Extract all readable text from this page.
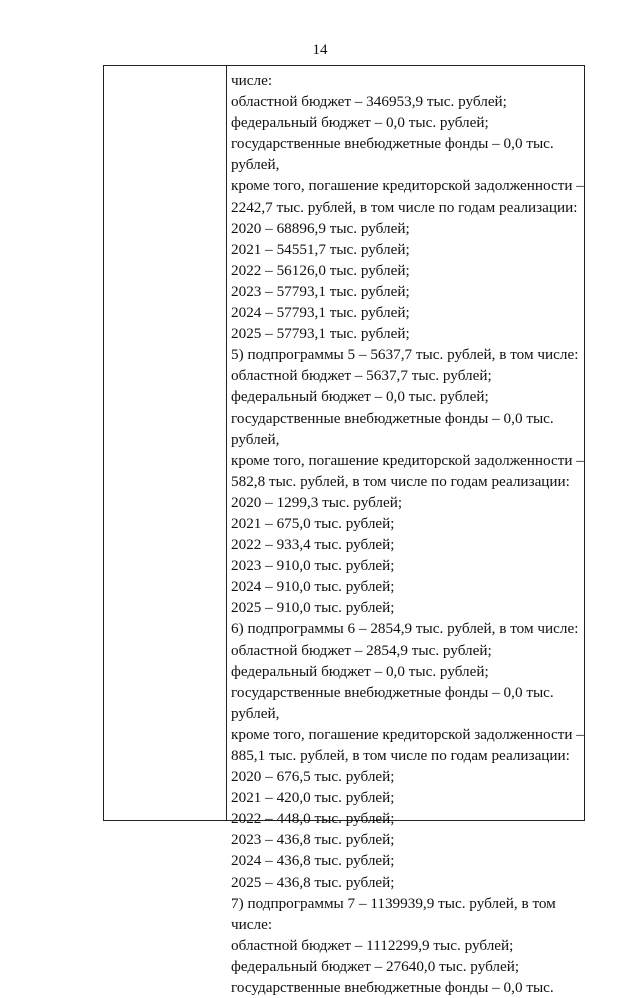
14
числе:
областной бюджет – 346953,9 тыс. рублей;
федеральный бюджет – 0,0 тыс. рублей;
государственные внебюджетные фонды – 0,0 тыс.
рублей,
кроме того, погашение кредиторской задолженности –
2242,7 тыс. рублей, в том числе по годам реализации:
2020 – 68896,9 тыс. рублей;
2021 – 54551,7 тыс. рублей;
2022 – 56126,0 тыс. рублей;
2023 – 57793,1 тыс. рублей;
2024 – 57793,1 тыс. рублей;
2025 – 57793,1 тыс. рублей;
5) подпрограммы 5 – 5637,7 тыс. рублей, в том числе:
областной бюджет – 5637,7 тыс. рублей;
федеральный бюджет – 0,0 тыс. рублей;
государственные внебюджетные фонды – 0,0 тыс.
рублей,
кроме того, погашение кредиторской задолженности –
582,8 тыс. рублей, в том числе по годам реализации:
2020 – 1299,3 тыс. рублей;
2021 – 675,0 тыс. рублей;
2022 – 933,4 тыс. рублей;
2023 – 910,0 тыс. рублей;
2024 – 910,0 тыс. рублей;
2025 – 910,0 тыс. рублей;
6) подпрограммы 6 – 2854,9 тыс. рублей, в том числе:
областной бюджет – 2854,9 тыс. рублей;
федеральный бюджет – 0,0 тыс. рублей;
государственные внебюджетные фонды – 0,0 тыс.
рублей,
кроме того, погашение кредиторской задолженности –
885,1 тыс. рублей, в том числе по годам реализации:
2020 – 676,5 тыс. рублей;
2021 – 420,0 тыс. рублей;
2022 – 448,0 тыс. рублей;
2023 – 436,8 тыс. рублей;
2024 – 436,8 тыс. рублей;
2025 – 436,8 тыс. рублей;
7) подпрограммы 7 – 1139939,9 тыс. рублей, в том
числе:
областной бюджет – 1112299,9 тыс. рублей;
федеральный бюджет – 27640,0 тыс. рублей;
государственные внебюджетные фонды – 0,0 тыс.
